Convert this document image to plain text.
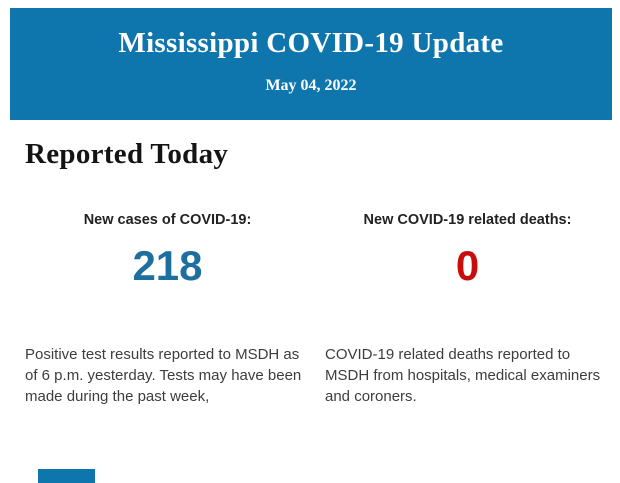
Mississippi COVID-19 Update
May 04, 2022
Reported Today
New cases of COVID-19:
218
Positive test results reported to MSDH as of 6 p.m. yesterday. Tests may have been made during the past week,
New COVID-19 related deaths:
0
COVID-19 related deaths reported to MSDH from hospitals, medical examiners and coroners.
